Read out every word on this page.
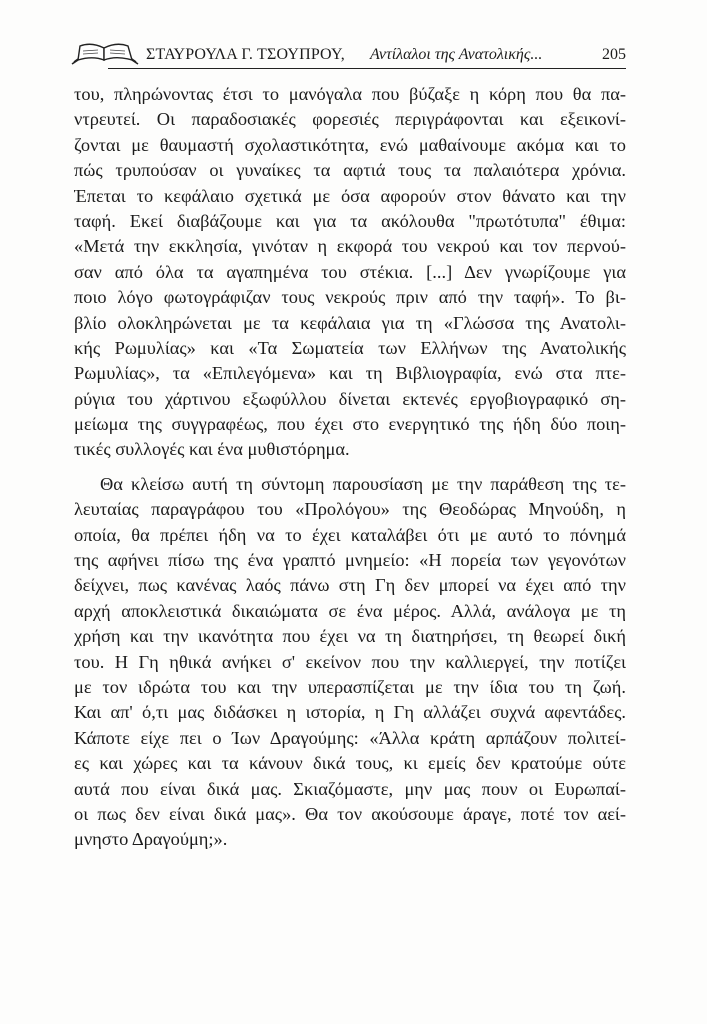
ΣΤΑΥΡΟΥΛΑ Γ. ΤΣΟΥΠΡΟΥ, Αντίλαλοι της Ανατολικής...	205
του, πληρώνοντας έτσι το μανόγαλα που βύζαξε η κόρη που θα πα-
ντρευτεί. Οι παραδοσιακές φορεσιές περιγράφονται και εξεικονί-
ζονται με θαυμαστή σχολαστικότητα, ενώ μαθαίνουμε ακόμα και το
πώς τρυπούσαν οι γυναίκες τα αφτιά τους τα παλαιότερα χρόνια.
Έπεται το κεφάλαιο σχετικά με όσα αφορούν στον θάνατο και την
ταφή. Εκεί διαβάζουμε και για τα ακόλουθα "πρωτότυπα" έθιμα:
«Μετά την εκκλησία, γινόταν η εκφορά του νεκρού και τον περνού-
σαν από όλα τα αγαπημένα του στέκια. [...] Δεν γνωρίζουμε για
ποιο λόγο φωτογράφιζαν τους νεκρούς πριν από την ταφή». Το βι-
βλίο ολοκληρώνεται με τα κεφάλαια για τη «Γλώσσα της Ανατολι-
κής Ρωμυλίας» και «Τα Σωματεία των Ελλήνων της Ανατολικής
Ρωμυλίας», τα «Επιλεγόμενα» και τη Βιβλιογραφία, ενώ στα πτε-
ρύγια του χάρτινου εξωφύλλου δίνεται εκτενές εργοβιογραφικό ση-
μείωμα της συγγραφέως, που έχει στο ενεργητικό της ήδη δύο ποιη-
τικές συλλογές και ένα μυθιστόρημα.
Θα κλείσω αυτή τη σύντομη παρουσίαση με την παράθεση της τε-
λευταίας παραγράφου του «Προλόγου» της Θεοδώρας Μηνούδη, η
οποία, θα πρέπει ήδη να το έχει καταλάβει ότι με αυτό το πόνημά
της αφήνει πίσω της ένα γραπτό μνημείο: «Η πορεία των γεγονότων
δείχνει, πως κανένας λαός πάνω στη Γη δεν μπορεί να έχει από την
αρχή αποκλειστικά δικαιώματα σε ένα μέρος. Αλλά, ανάλογα με τη
χρήση και την ικανότητα που έχει να τη διατηρήσει, τη θεωρεί δική
του. Η Γη ηθικά ανήκει σ' εκείνον που την καλλιεργεί, την ποτίζει
με τον ιδρώτα του και την υπερασπίζεται με την ίδια του τη ζωή.
Και απ' ό,τι μας διδάσκει η ιστορία, η Γη αλλάζει συχνά αφεντάδες.
Κάποτε είχε πει ο Ίων Δραγούμης: «Άλλα κράτη αρπάζουν πολιτεί-
ες και χώρες και τα κάνουν δικά τους, κι εμείς δεν κρατούμε ούτε
αυτά που είναι δικά μας. Σκιαζόμαστε, μην μας πουν οι Ευρωπαί-
οι πως δεν είναι δικά μας». Θα τον ακούσουμε άραγε, ποτέ τον αεί-
μνηστο Δραγούμη;».
